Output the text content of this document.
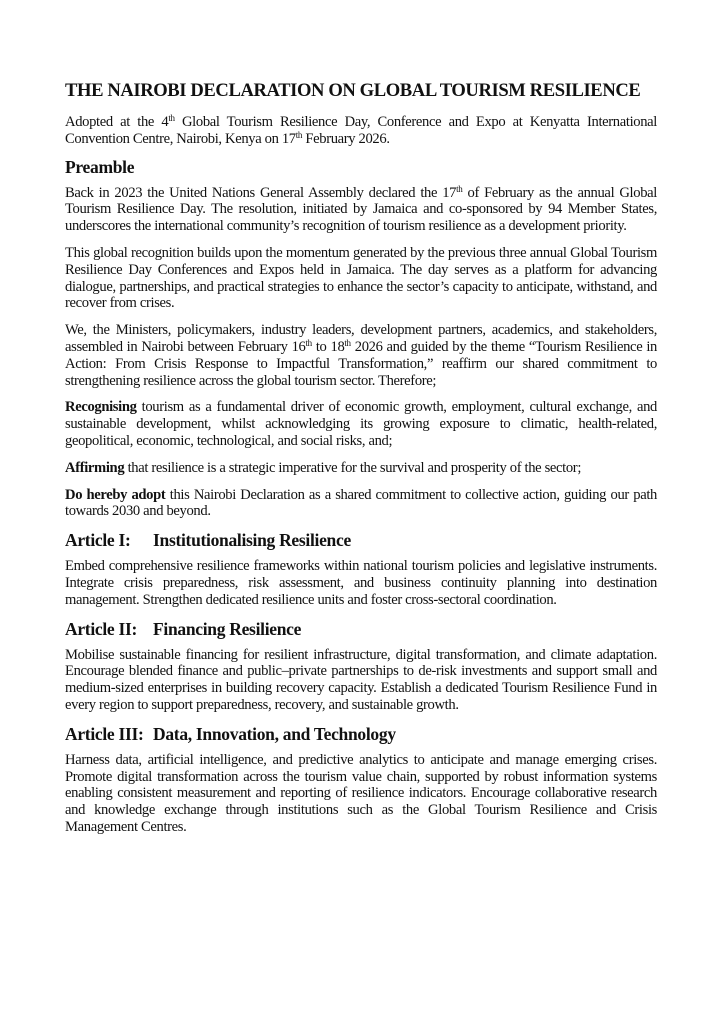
THE NAIROBI DECLARATION ON GLOBAL TOURISM RESILIENCE

Adopted at the 4th Global Tourism Resilience Day, Conference and Expo at Kenyatta International Convention Centre, Nairobi, Kenya on 17th February 2026.

Preamble

Back in 2023 the United Nations General Assembly declared the 17th of February as the annual Global Tourism Resilience Day. The resolution, initiated by Jamaica and co-sponsored by 94 Member States, underscores the international community’s recognition of tourism resilience as a development priority.

This global recognition builds upon the momentum generated by the previous three annual Global Tourism Resilience Day Conferences and Expos held in Jamaica. The day serves as a platform for advancing dialogue, partnerships, and practical strategies to enhance the sector’s capacity to anticipate, withstand, and recover from crises.

We, the Ministers, policymakers, industry leaders, development partners, academics, and stakeholders, assembled in Nairobi between February 16th to 18th 2026 and guided by the theme “Tourism Resilience in Action: From Crisis Response to Impactful Transformation,” reaffirm our shared commitment to strengthening resilience across the global tourism sector. Therefore;

Recognising tourism as a fundamental driver of economic growth, employment, cultural exchange, and sustainable development, whilst acknowledging its growing exposure to climatic, health-related, geopolitical, economic, technological, and social risks, and;

Affirming that resilience is a strategic imperative for the survival and prosperity of the sector;

Do hereby adopt this Nairobi Declaration as a shared commitment to collective action, guiding our path towards 2030 and beyond.

Article I:	Institutionalising Resilience

Embed comprehensive resilience frameworks within national tourism policies and legislative instruments. Integrate crisis preparedness, risk assessment, and business continuity planning into destination management. Strengthen dedicated resilience units and foster cross-sectoral coordination.

Article II: Financing Resilience

Mobilise sustainable financing for resilient infrastructure, digital transformation, and climate adaptation. Encourage blended finance and public–private partnerships to de-risk investments and support small and medium-sized enterprises in building recovery capacity. Establish a dedicated Tourism Resilience Fund in every region to support preparedness, recovery, and sustainable growth.

Article III: Data, Innovation, and Technology

Harness data, artificial intelligence, and predictive analytics to anticipate and manage emerging crises. Promote digital transformation across the tourism value chain, supported by robust information systems enabling consistent measurement and reporting of resilience indicators. Encourage collaborative research and knowledge exchange through institutions such as the Global Tourism Resilience and Crisis Management Centres.
